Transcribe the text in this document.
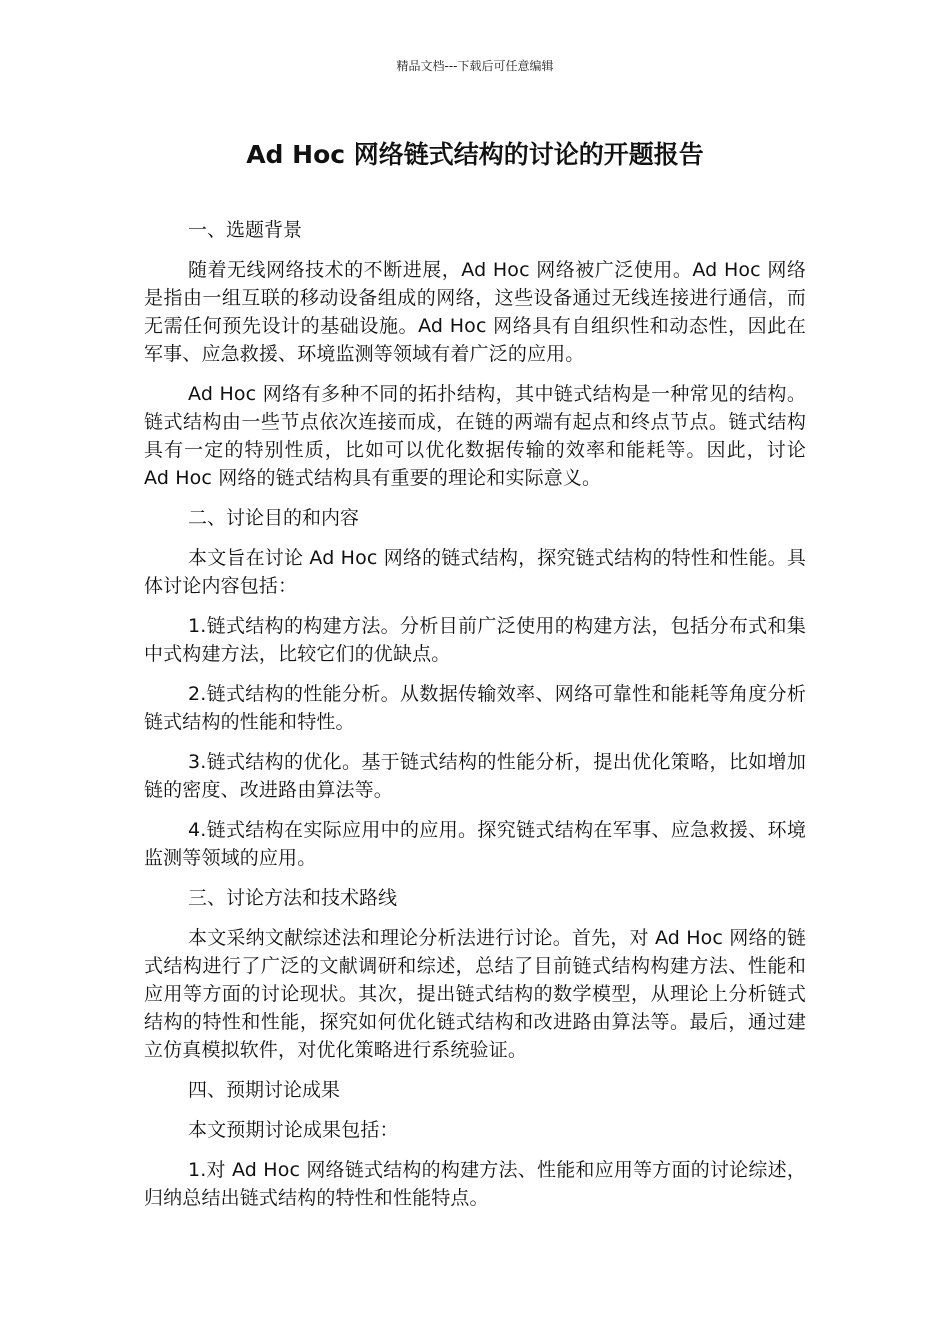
精品文档---下载后可任意编辑
Ad Hoc 网络链式结构的讨论的开题报告

一、选题背景

随着无线网络技术的不断进展，Ad Hoc 网络被广泛使用。Ad Hoc 网络是指由一组互联的移动设备组成的网络，这些设备通过无线连接进行通信，而无需任何预先设计的基础设施。Ad Hoc 网络具有自组织性和动态性，因此在军事、应急救援、环境监测等领域有着广泛的应用。

Ad Hoc 网络有多种不同的拓扑结构，其中链式结构是一种常见的结构。链式结构由一些节点依次连接而成，在链的两端有起点和终点节点。链式结构具有一定的特别性质，比如可以优化数据传输的效率和能耗等。因此，讨论 Ad Hoc 网络的链式结构具有重要的理论和实际意义。

二、讨论目的和内容

本文旨在讨论 Ad Hoc 网络的链式结构，探究链式结构的特性和性能。具体讨论内容包括：

1.链式结构的构建方法。分析目前广泛使用的构建方法，包括分布式和集中式构建方法，比较它们的优缺点。

2.链式结构的性能分析。从数据传输效率、网络可靠性和能耗等角度分析链式结构的性能和特性。

3.链式结构的优化。基于链式结构的性能分析，提出优化策略，比如增加链的密度、改进路由算法等。

4.链式结构在实际应用中的应用。探究链式结构在军事、应急救援、环境监测等领域的应用。

三、讨论方法和技术路线

本文采纳文献综述法和理论分析法进行讨论。首先，对 Ad Hoc 网络的链式结构进行了广泛的文献调研和综述，总结了目前链式结构构建方法、性能和应用等方面的讨论现状。其次，提出链式结构的数学模型，从理论上分析链式结构的特性和性能，探究如何优化链式结构和改进路由算法等。最后，通过建立仿真模拟软件，对优化策略进行系统验证。

四、预期讨论成果

本文预期讨论成果包括：

1.对 Ad Hoc 网络链式结构的构建方法、性能和应用等方面的讨论综述，归纳总结出链式结构的特性和性能特点。
